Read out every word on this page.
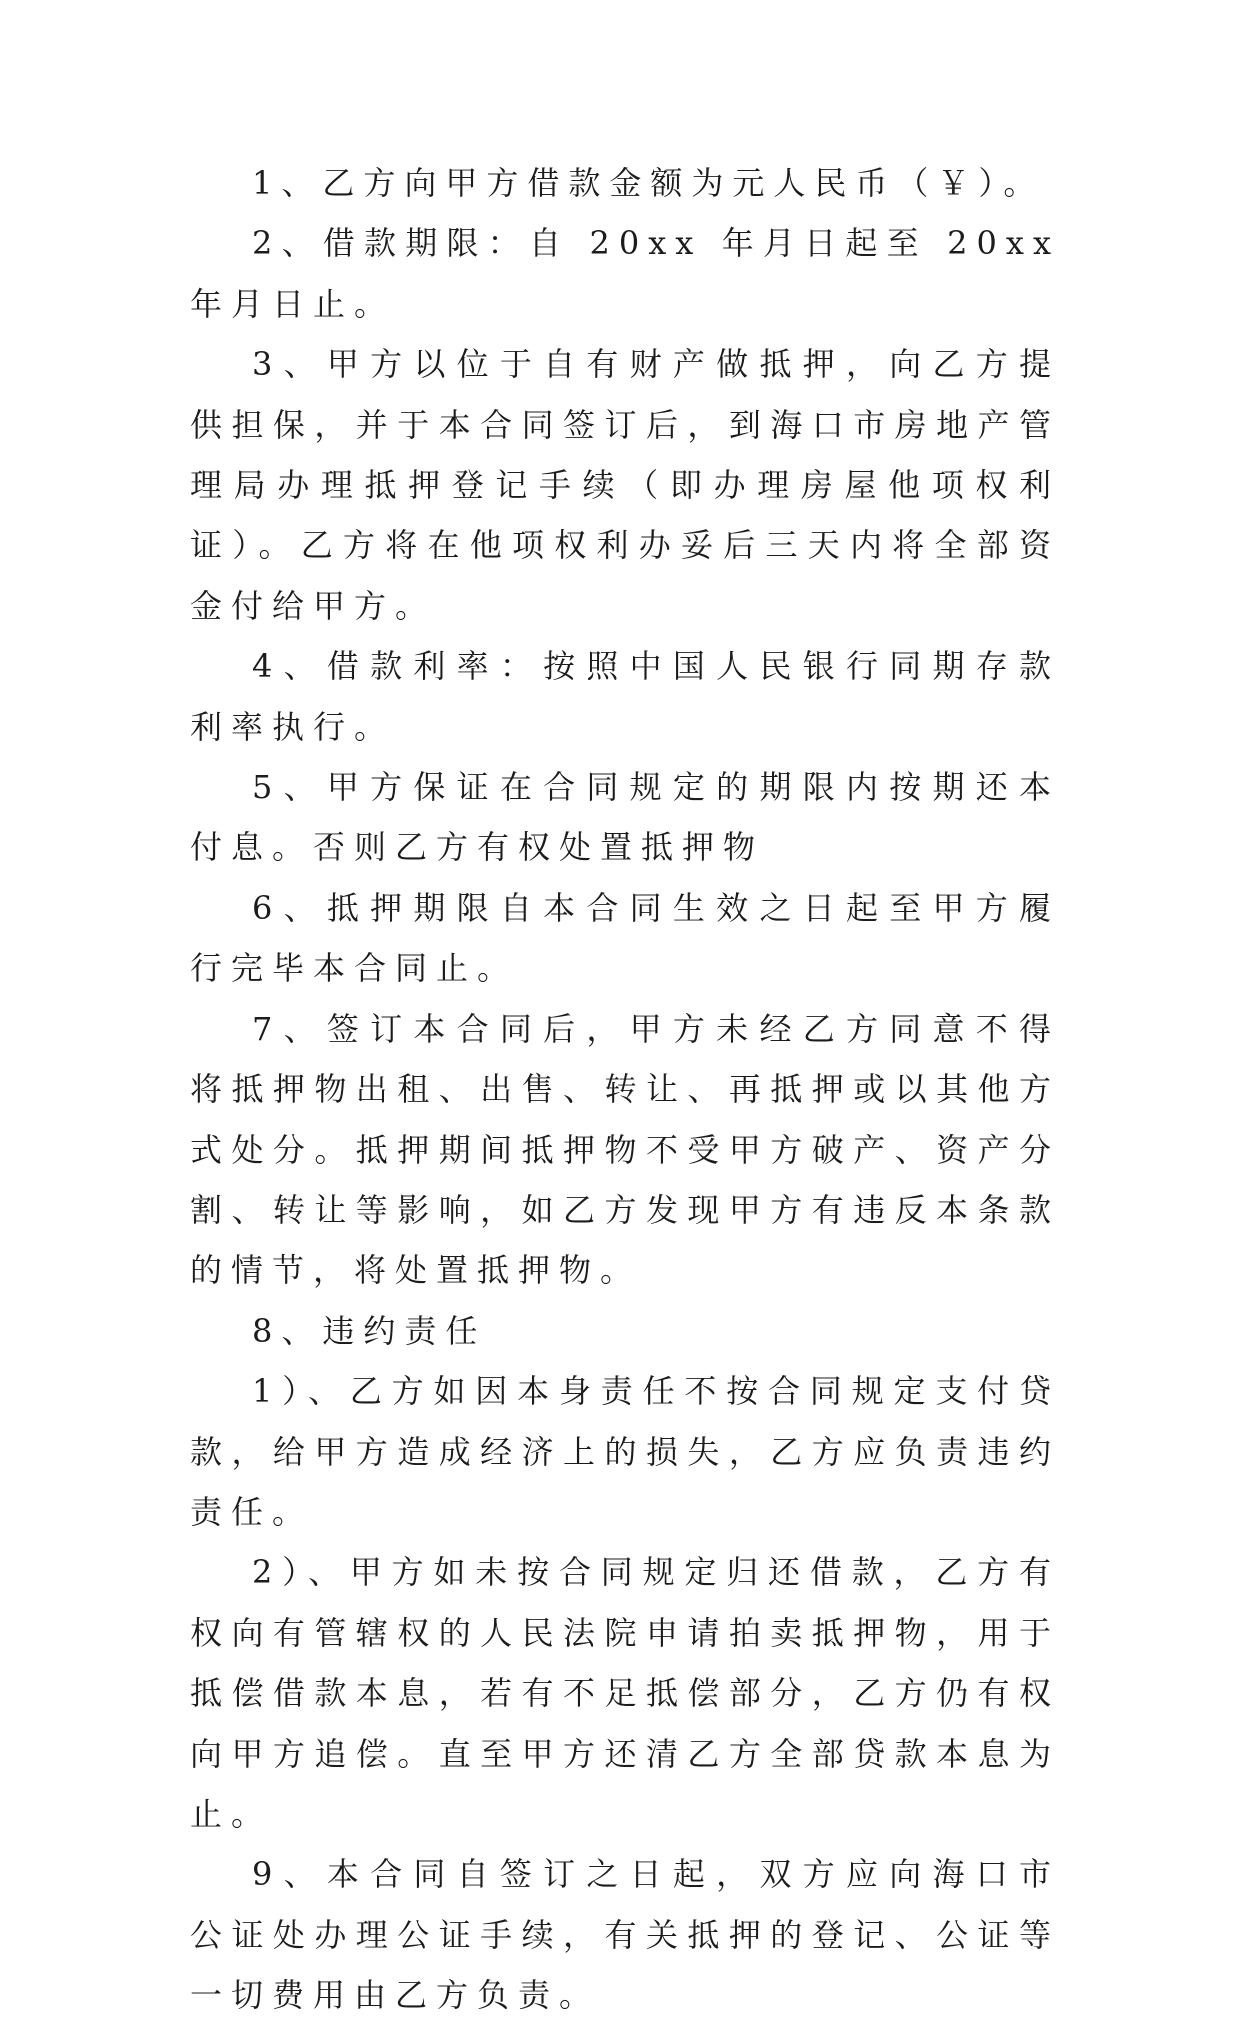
1、乙方向甲方借款金额为元人民币（￥）。

2、借款期限：自 20xx 年月日起至 20xx 年月日止。

3、甲方以位于自有财产做抵押，向乙方提供担保，并于本合同签订后，到海口市房地产管理局办理抵押登记手续（即办理房屋他项权利证）。乙方将在他项权利办妥后三天内将全部资金付给甲方。

4、借款利率：按照中国人民银行同期存款利率执行。

5、甲方保证在合同规定的期限内按期还本付息。否则乙方有权处置抵押物

6、抵押期限自本合同生效之日起至甲方履行完毕本合同止。

7、签订本合同后，甲方未经乙方同意不得将抵押物出租、出售、转让、再抵押或以其他方式处分。抵押期间抵押物不受甲方破产、资产分割、转让等影响，如乙方发现甲方有违反本条款的情节，将处置抵押物。

8、违约责任

1）、乙方如因本身责任不按合同规定支付贷款，给甲方造成经济上的损失，乙方应负责违约责任。

2）、甲方如未按合同规定归还借款，乙方有权向有管辖权的人民法院申请拍卖抵押物，用于抵偿借款本息，若有不足抵偿部分，乙方仍有权向甲方追偿。直至甲方还清乙方全部贷款本息为止。

9、本合同自签订之日起，双方应向海口市公证处办理公证手续，有关抵押的登记、公证等一切费用由乙方负责。
